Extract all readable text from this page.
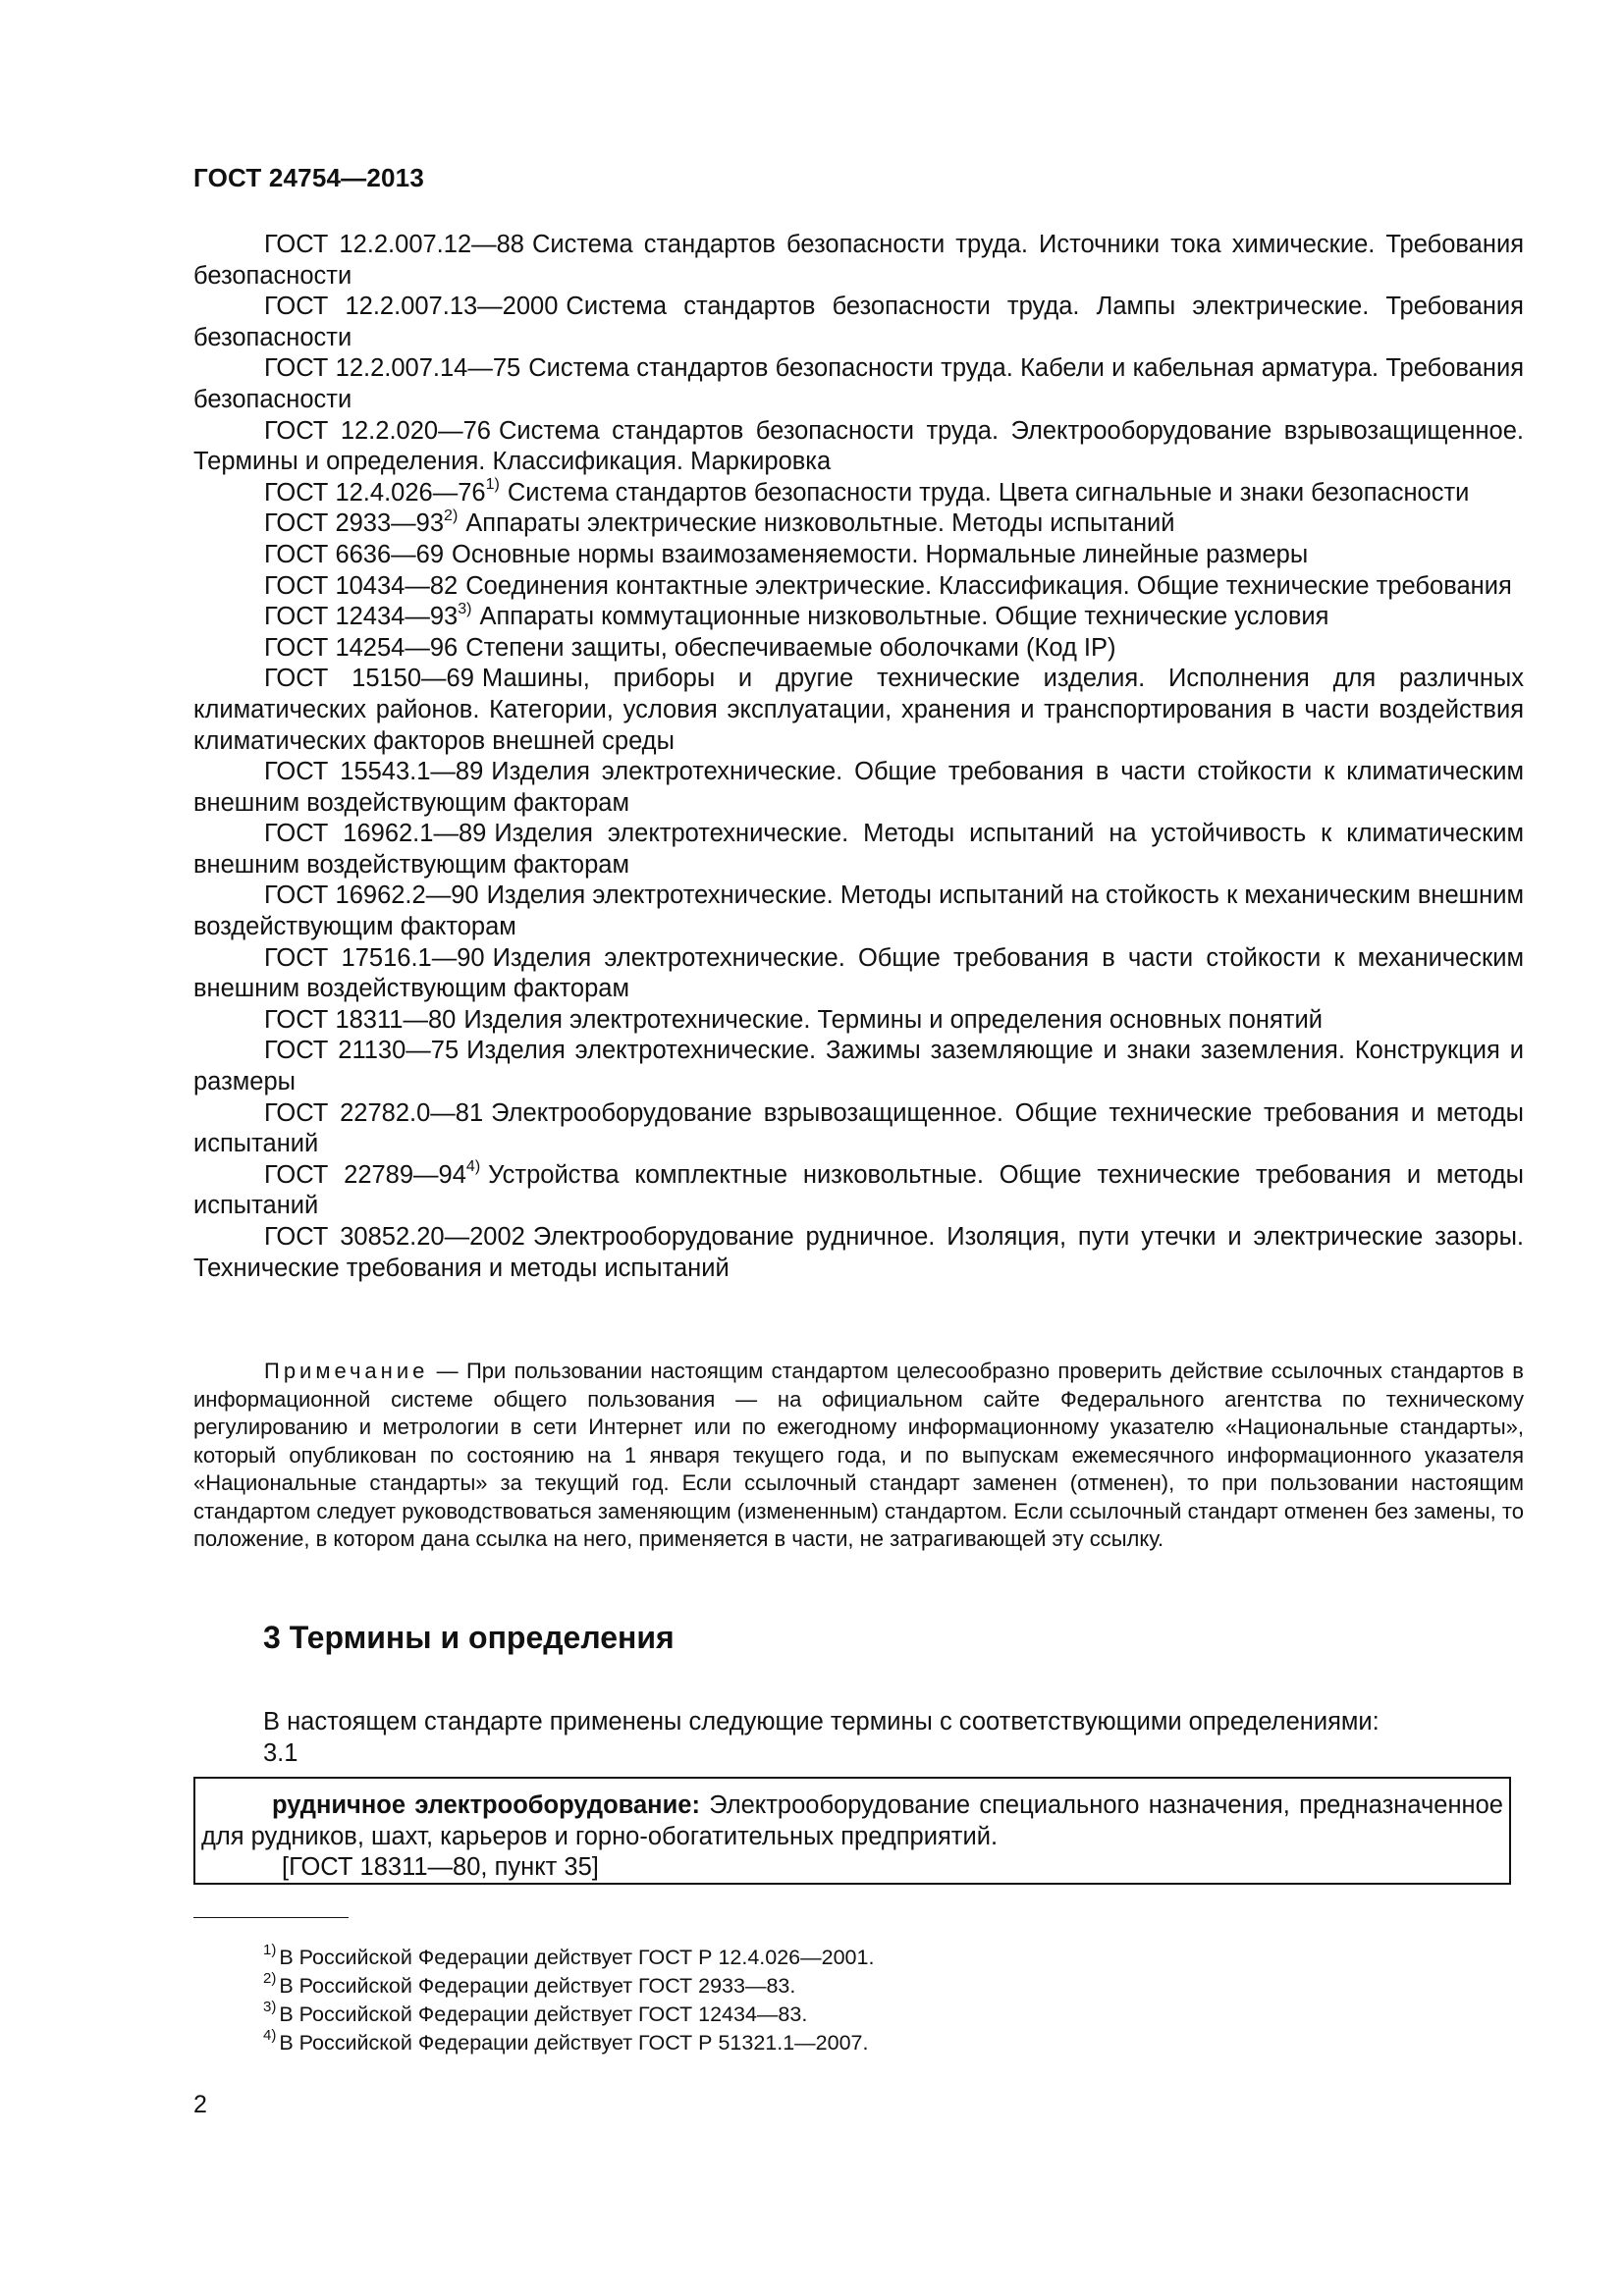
ГОСТ 24754—2013

ГОСТ 12.2.007.12—88 Система стандартов безопасности труда. Источники тока химические. Требования безопасности

ГОСТ 12.2.007.13—2000 Система стандартов безопасности труда. Лампы электрические. Требования безопасности

ГОСТ 12.2.007.14—75 Система стандартов безопасности труда. Кабели и кабельная арматура. Требования безопасности

ГОСТ 12.2.020—76 Система стандартов безопасности труда. Электрооборудование взрывозащищенное. Термины и определения. Классификация. Маркировка

ГОСТ 12.4.026—76$^{1)}$ Система стандартов безопасности труда. Цвета сигнальные и знаки безопасности

ГОСТ 2933—93$^{2)}$ Аппараты электрические низковольтные. Методы испытаний

ГОСТ 6636—69 Основные нормы взаимозаменяемости. Нормальные линейные размеры

ГОСТ 10434—82 Соединения контактные электрические. Классификация. Общие технические требования

ГОСТ 12434—93$^{3)}$ Аппараты коммутационные низковольтные. Общие технические условия

ГОСТ 14254—96 Степени защиты, обеспечиваемые оболочками (Код IP)

ГОСТ 15150—69 Машины, приборы и другие технические изделия. Исполнения для различных климатических районов. Категории, условия эксплуатации, хранения и транспортирования в части воздействия климатических факторов внешней среды

ГОСТ 15543.1—89 Изделия электротехнические. Общие требования в части стойкости к климатическим внешним воздействующим факторам

ГОСТ 16962.1—89 Изделия электротехнические. Методы испытаний на устойчивость к климатическим внешним воздействующим факторам

ГОСТ 16962.2—90 Изделия электротехнические. Методы испытаний на стойкость к механическим внешним воздействующим факторам

ГОСТ 17516.1—90 Изделия электротехнические. Общие требования в части стойкости к механическим внешним воздействующим факторам

ГОСТ 18311—80 Изделия электротехнические. Термины и определения основных понятий

ГОСТ 21130—75 Изделия электротехнические. Зажимы заземляющие и знаки заземления. Конструкция и размеры

ГОСТ 22782.0—81 Электрооборудование взрывозащищенное. Общие технические требования и методы испытаний

ГОСТ 22789—94$^{4)}$ Устройства комплектные низковольтные. Общие технические требования и методы испытаний

ГОСТ 30852.20—2002 Электрооборудование рудничное. Изоляция, пути утечки и электрические зазоры. Технические требования и методы испытаний

Примечание — При пользовании настоящим стандартом целесообразно проверить действие ссылочных стандартов в информационной системе общего пользования — на официальном сайте Федерального агентства по техническому регулированию и метрологии в сети Интернет или по ежегодному информационному указателю «Национальные стандарты», который опубликован по состоянию на 1 января текущего года, и по выпускам ежемесячного информационного указателя «Национальные стандарты» за текущий год. Если ссылочный стандарт заменен (отменен), то при пользовании настоящим стандартом следует руководствоваться заменяющим (измененным) стандартом. Если ссылочный стандарт отменен без замены, то положение, в котором дана ссылка на него, применяется в части, не затрагивающей эту ссылку.

3 Термины и определения
В настоящем стандарте применены следующие термины с соответствующими определениями:
3.1

рудничное электрооборудование: Электрооборудование специального назначения, предназначенное для рудников, шахт, карьеров и горно-обогатительных предприятий.

[ГОСТ 18311—80, пункт 35]

$^{1)}$ В Российской Федерации действует ГОСТ Р 12.4.026—2001.

$^{2)}$ В Российской Федерации действует ГОСТ 2933—83.

$^{3)}$ В Российской Федерации действует ГОСТ 12434—83.

$^{4)}$ В Российской Федерации действует ГОСТ Р 51321.1—2007.

2
